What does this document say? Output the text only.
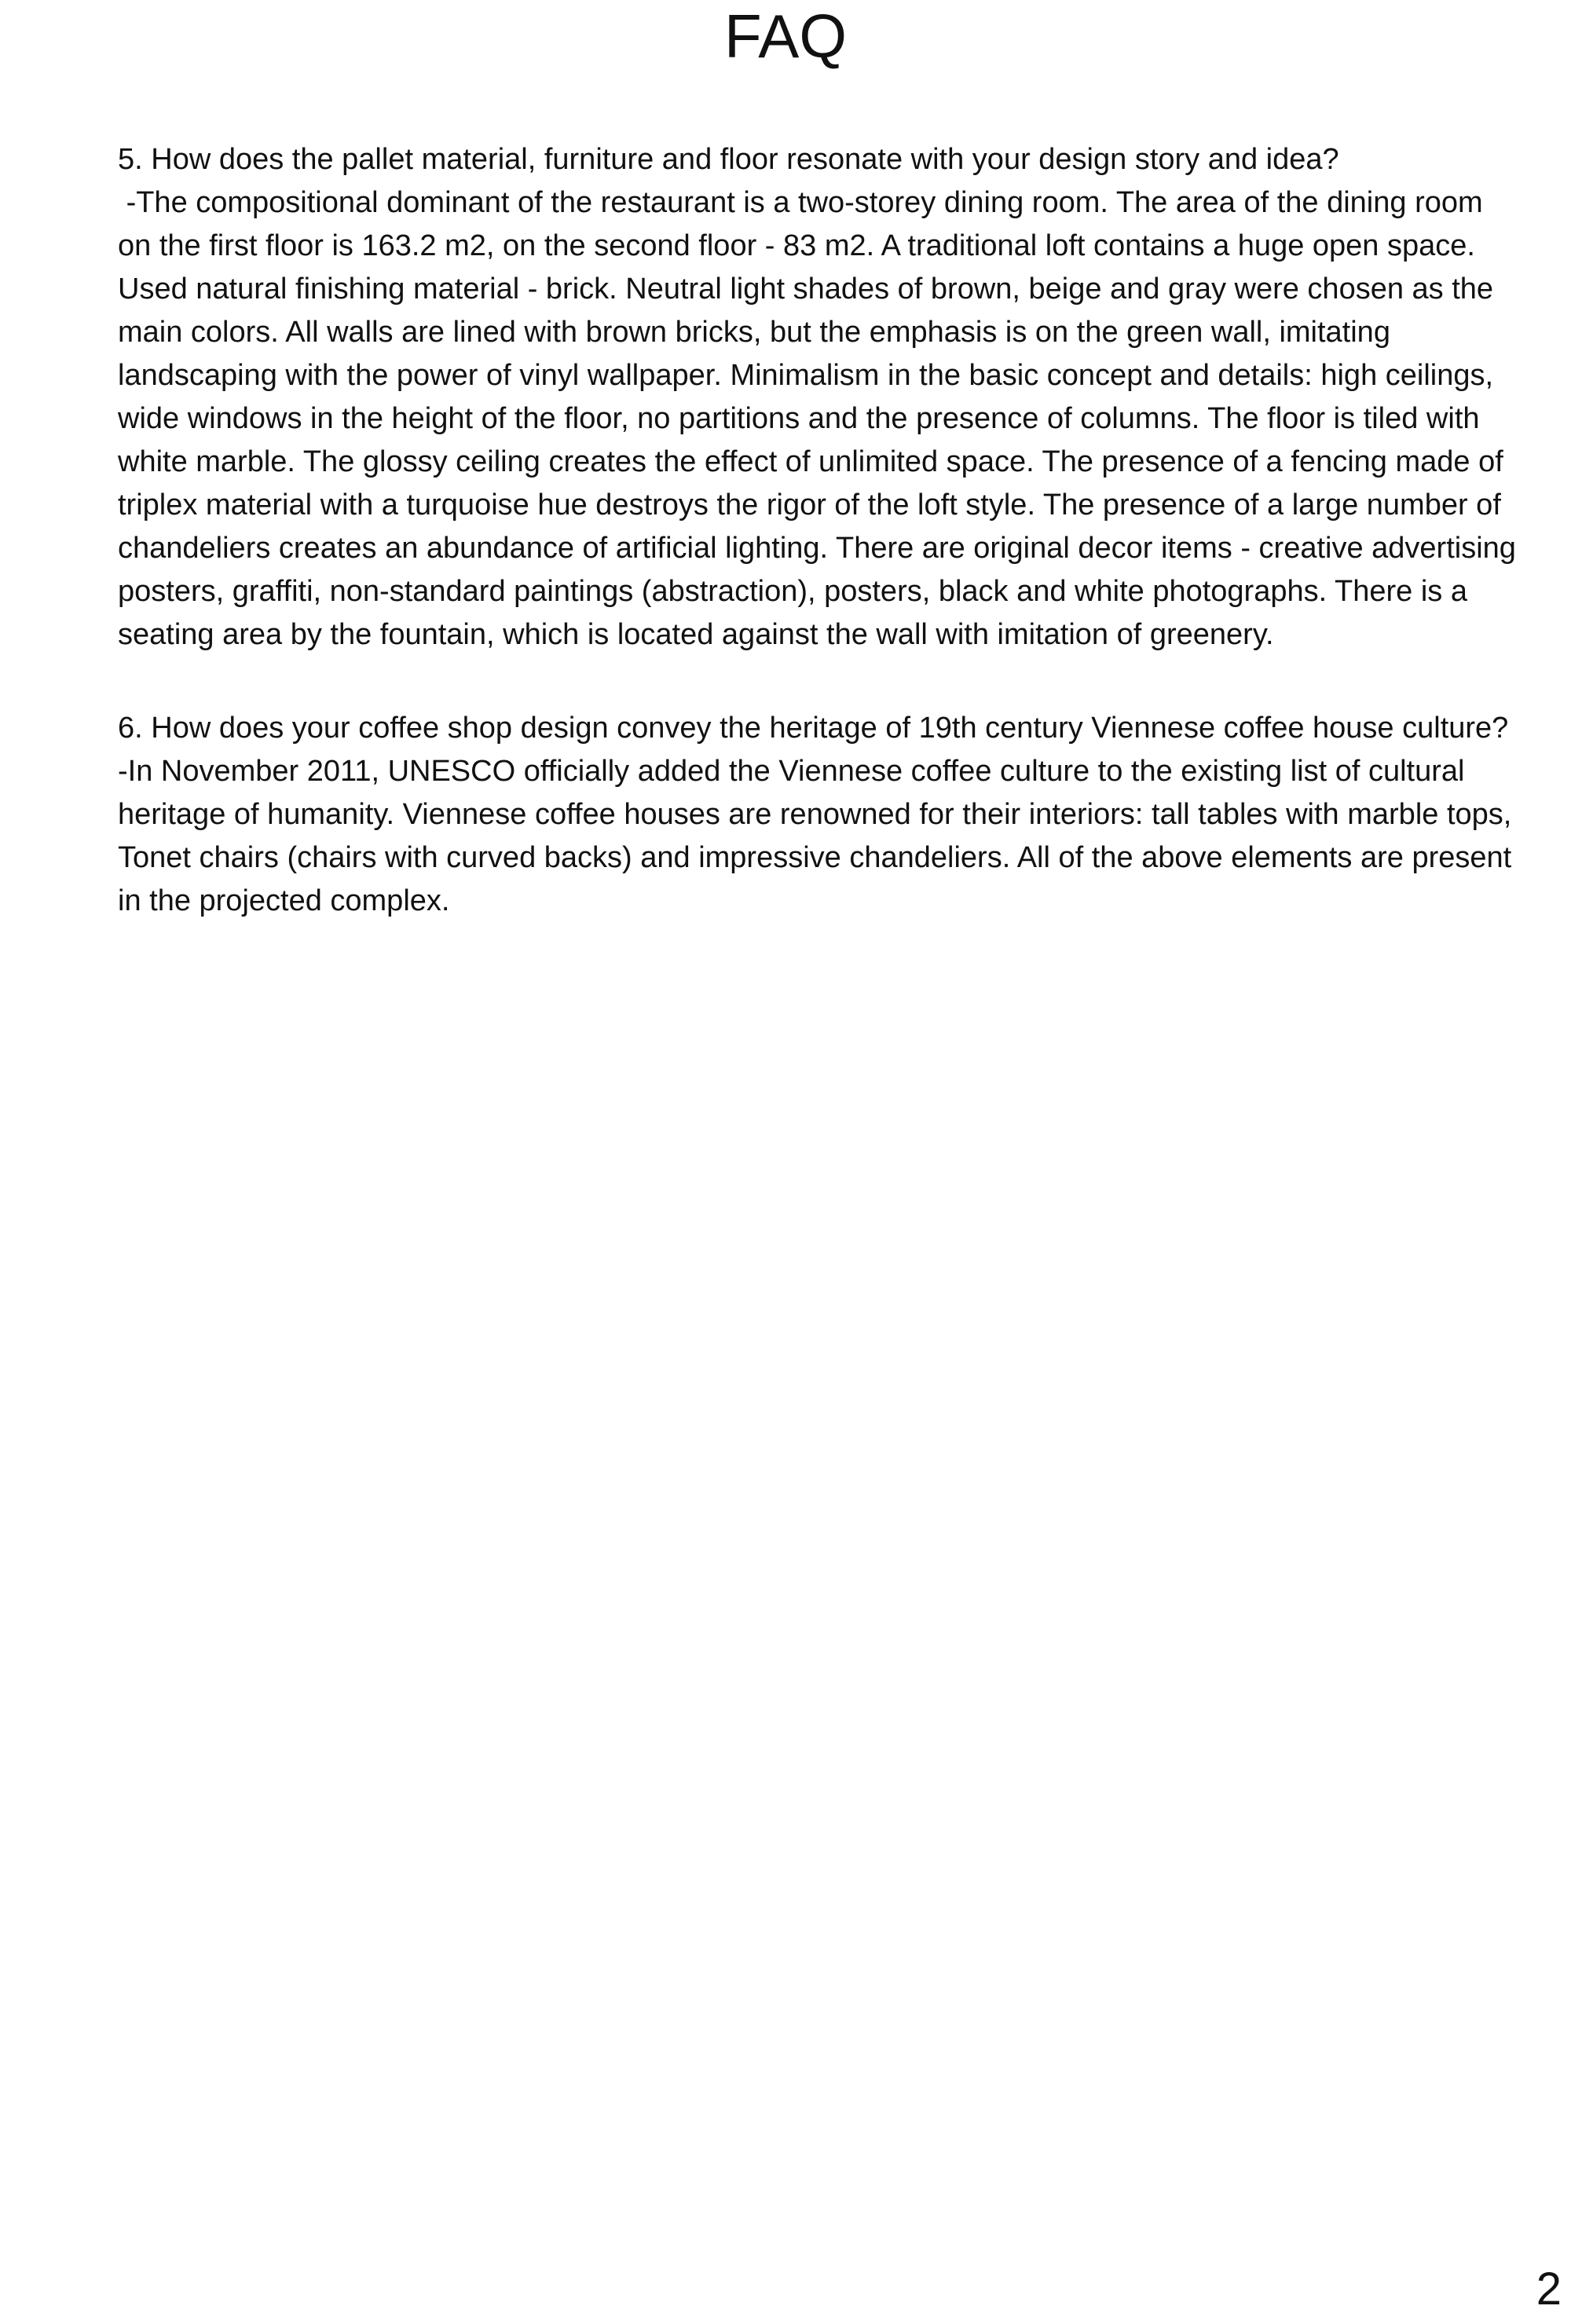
FAQ

5. How does the pallet material, furniture and floor resonate with your design story and idea?

-The compositional dominant of the restaurant is a two-storey dining room. The area of the dining room on the first floor is 163.2 m2, on the second floor - 83 m2. A traditional loft contains a huge open space. Used natural finishing material - brick. Neutral light shades of brown, beige and gray were chosen as the main colors. All walls are lined with brown bricks, but the emphasis is on the green wall, imitating landscaping with the power of vinyl wallpaper. Minimalism in the basic concept and details: high ceilings, wide windows in the height of the floor, no partitions and the presence of columns. The floor is tiled with white marble. The glossy ceiling creates the effect of unlimited space. The presence of a fencing made of triplex material with a turquoise hue destroys the rigor of the loft style. The presence of a large number of chandeliers creates an abundance of artificial lighting. There are original decor items - creative advertising posters, graffiti, non-standard paintings (abstraction), posters, black and white photographs. There is a seating area by the fountain, which is located against the wall with imitation of greenery.

6. How does your coffee shop design convey the heritage of 19th century Viennese coffee house culture?

-In November 2011, UNESCO officially added the Viennese coffee culture to the existing list of cultural heritage of humanity. Viennese coffee houses are renowned for their interiors: tall tables with marble tops, Tonet chairs (chairs with curved backs) and impressive chandeliers. All of the above elements are present in the projected complex.

2
